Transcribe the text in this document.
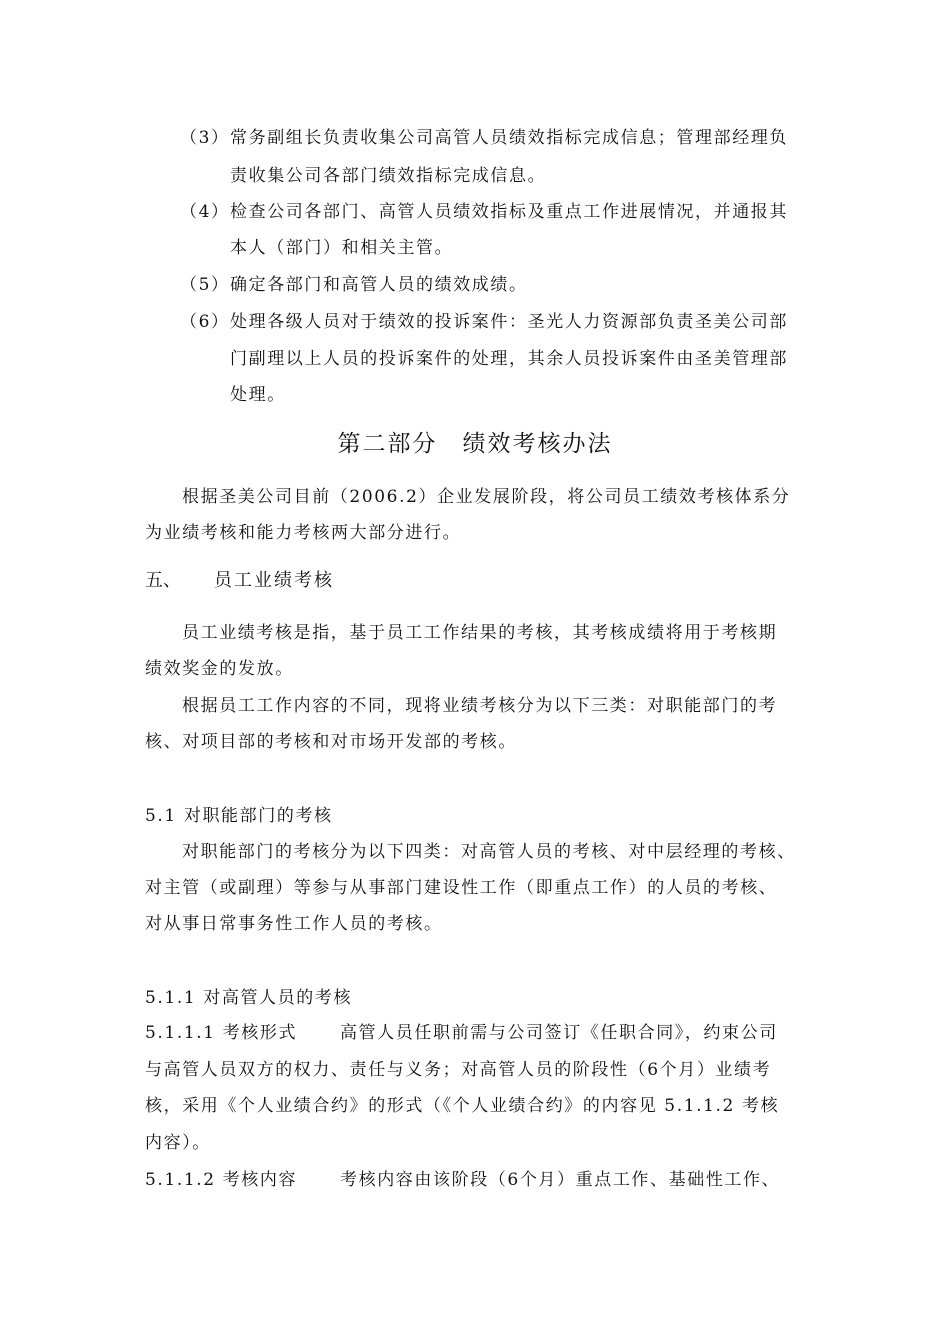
（3） 常务副组长负责收集公司高管人员绩效指标完成信息；管理部经理负
责收集公司各部门绩效指标完成信息。
（4） 检查公司各部门、高管人员绩效指标及重点工作进展情况，并通报其
本人（部门）和相关主管。
（5） 确定各部门和高管人员的绩效成绩。
（6） 处理各级人员对于绩效的投诉案件：圣光人力资源部负责圣美公司部
门副理以上人员的投诉案件的处理，其余人员投诉案件由圣美管理部
处理。
第二部分　绩效考核办法
根据圣美公司目前（2006.2）企业发展阶段，将公司员工绩效考核体系分
为业绩考核和能力考核两大部分进行。
五、 员工业绩考核
员工业绩考核是指，基于员工工作结果的考核，其考核成绩将用于考核期
绩效奖金的发放。
根据员工工作内容的不同，现将业绩考核分为以下三类：对职能部门的考
核、对项目部的考核和对市场开发部的考核。
5.1 对职能部门的考核
对职能部门的考核分为以下四类：对高管人员的考核、对中层经理的考核、
对主管（或副理）等参与从事部门建设性工作（即重点工作）的人员的考核、
对从事日常事务性工作人员的考核。
5.1.1 对高管人员的考核
5.1.1.1 考核形式	高管人员任职前需与公司签订《任职合同》，约束公司
与高管人员双方的权力、责任与义务；对高管人员的阶段性（6个月）业绩考
核，采用《个人业绩合约》的形式（《个人业绩合约》的内容见 5.1.1.2 考核
内容）。
5.1.1.2 考核内容	考核内容由该阶段（6个月）重点工作、基础性工作、
